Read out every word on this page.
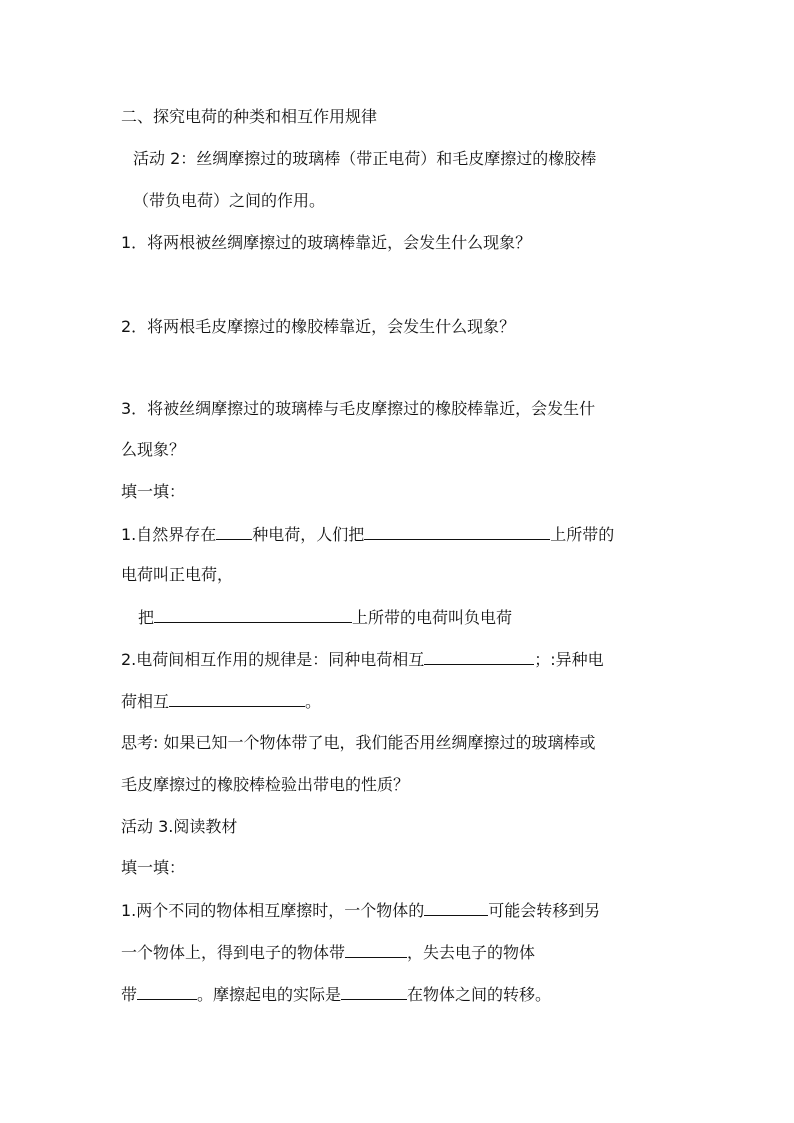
二、探究电荷的种类和相互作用规律
活动 2：丝绸摩擦过的玻璃棒（带正电荷）和毛皮摩擦过的橡胶棒
（带负电荷）之间的作用。
1．将两根被丝绸摩擦过的玻璃棒靠近，会发生什么现象？
2．将两根毛皮摩擦过的橡胶棒靠近，会发生什么现象？
3．将被丝绸摩擦过的玻璃棒与毛皮摩擦过的橡胶棒靠近，会发生什
么现象？
填一填：
1.自然界存在 种电荷，人们把	上所带的
电荷叫正电荷，
把	上所带的电荷叫负电荷
2.电荷间相互作用的规律是：同种电荷相互	；:异种电
荷相互	。
思考: 如果已知一个物体带了电，我们能否用丝绸摩擦过的玻璃棒或
毛皮摩擦过的橡胶棒检验出带电的性质？
活动 3.阅读教材
填一填：
1.两个不同的物体相互摩擦时，一个物体的	可能会转移到另
一个物体上，得到电子的物体带	，失去电子的物体
带	。摩擦起电的实际是	在物体之间的转移。
